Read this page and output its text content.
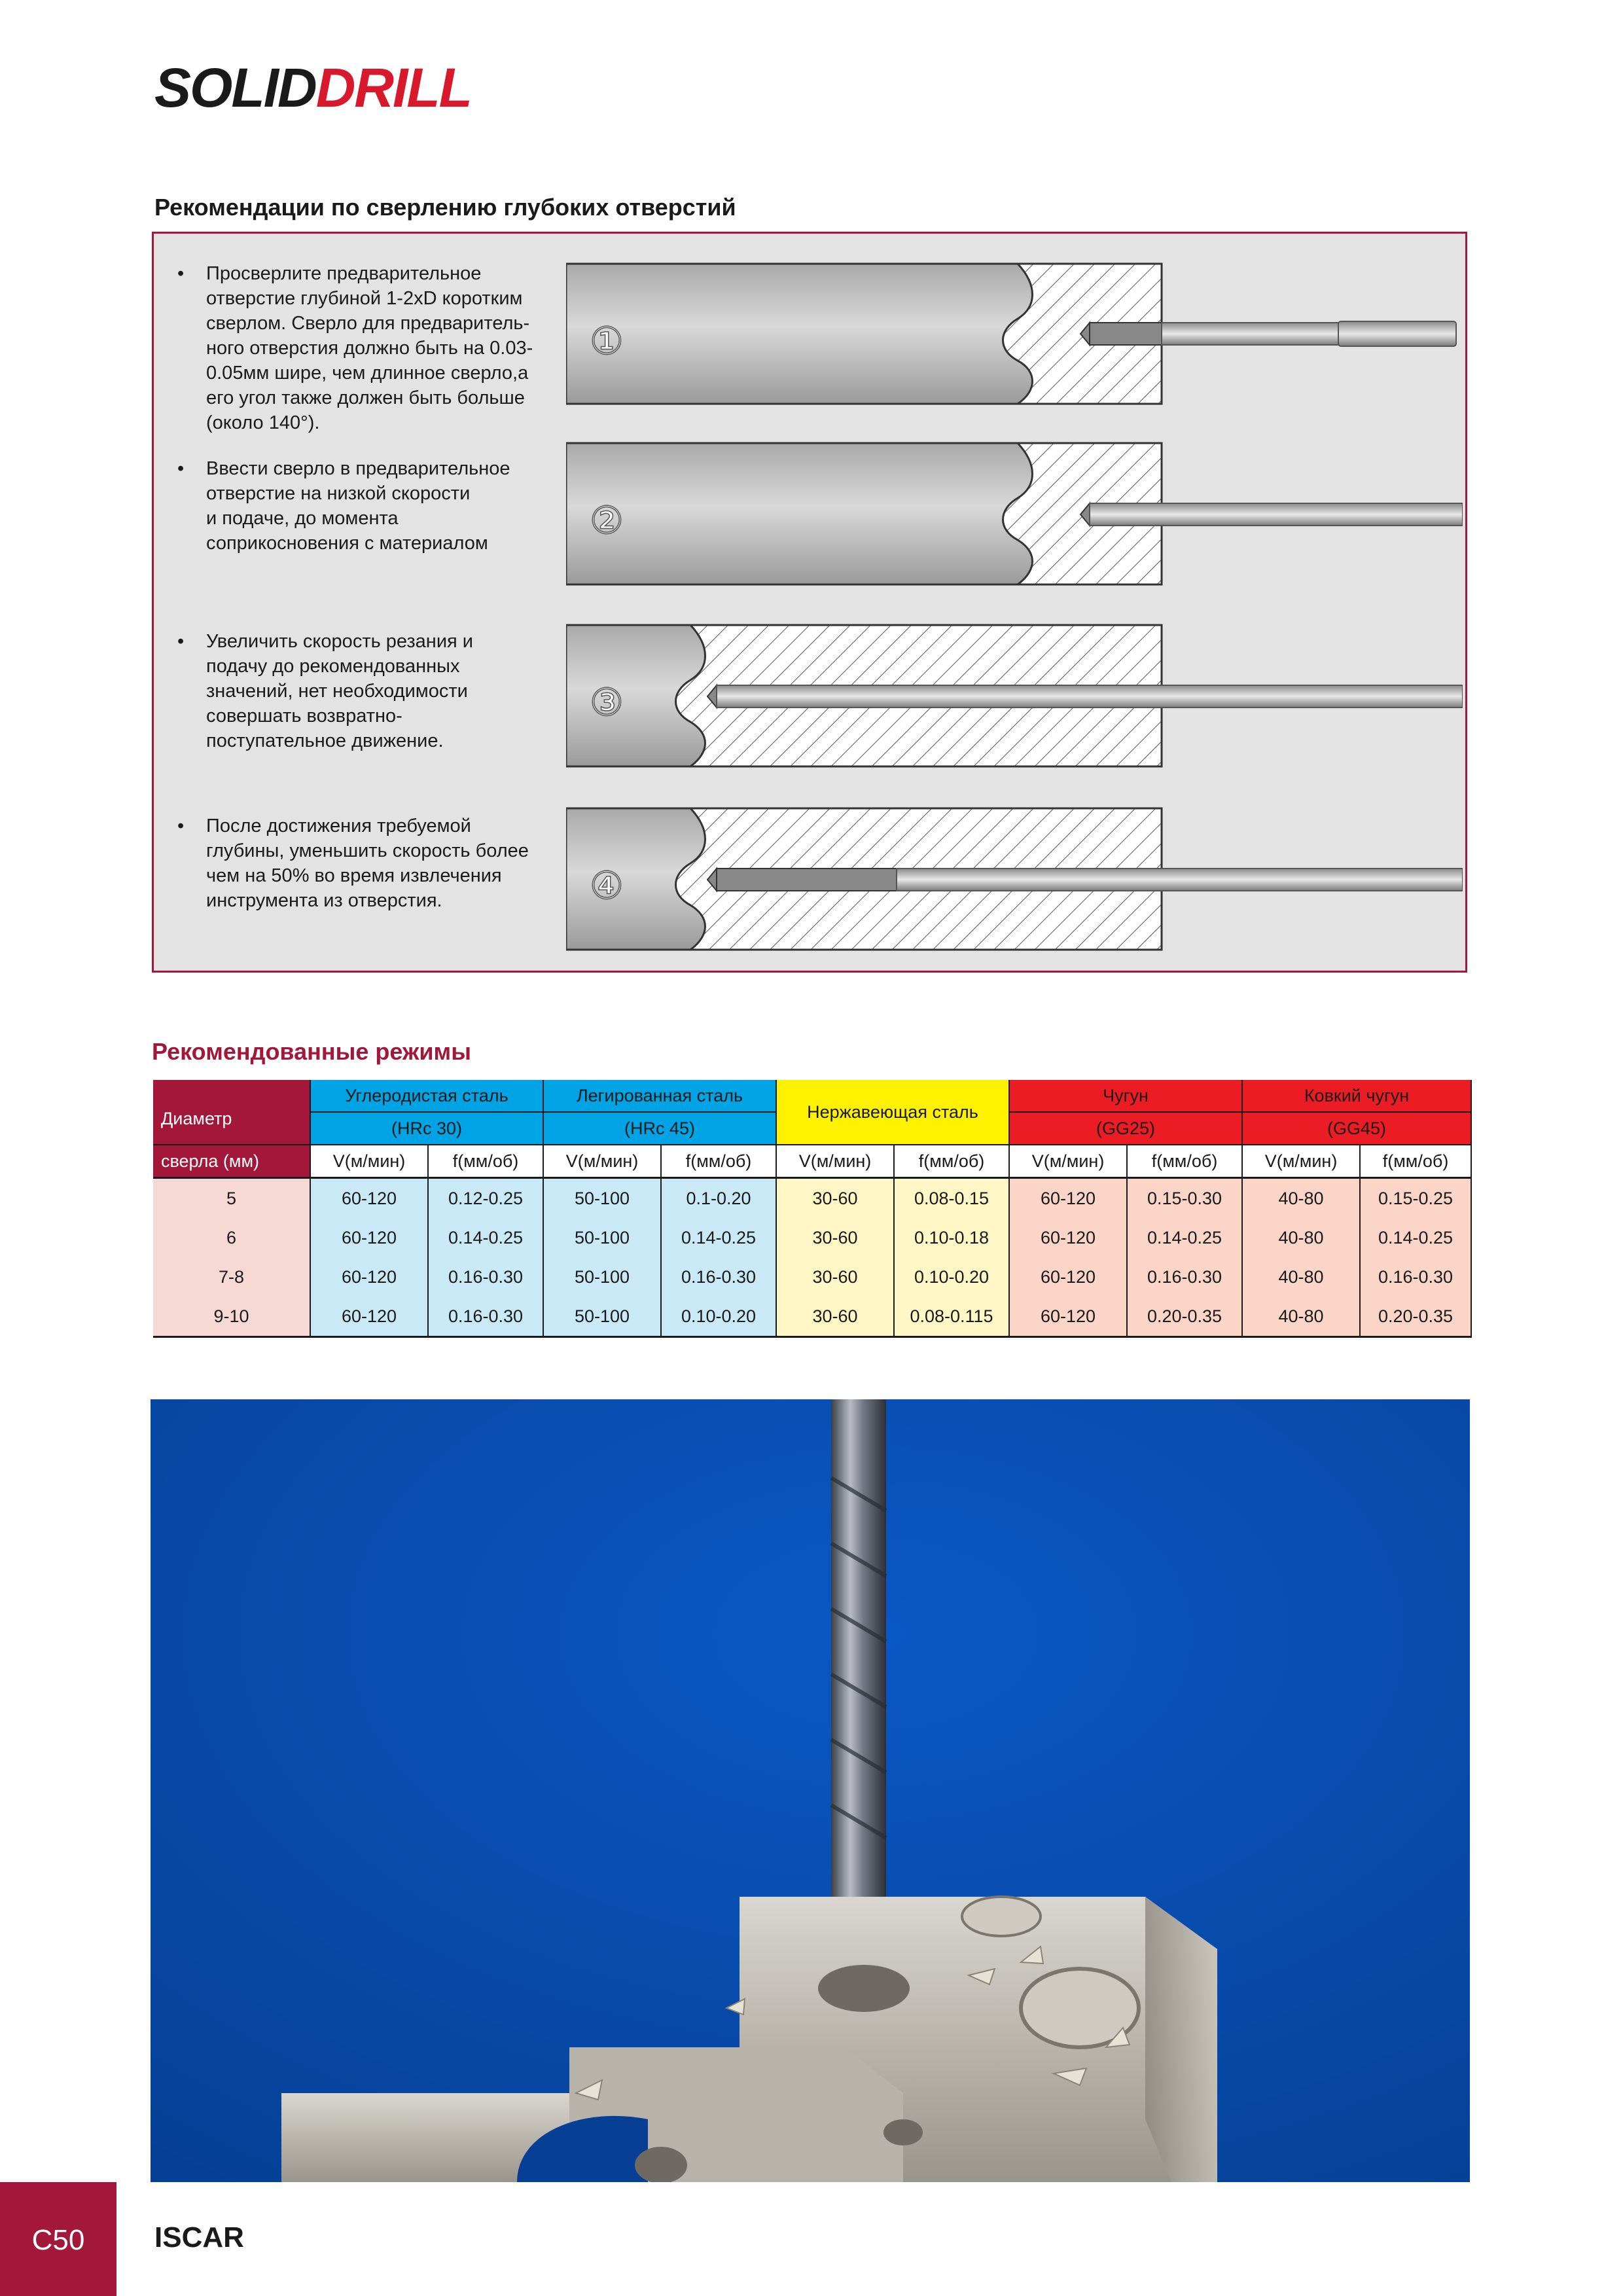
SOLIDDRILL
Рекомендации по сверлению глубоких отверстий
•	Просверлите предварительное
отверстие глубиной 1-2xD коротким
сверлом. Сверло для предваритель-
ного отверстия должно быть на 0.03-
0.05мм шире, чем длинное сверло,а
его угол также должен быть больше
(около 140°).
①
•	Ввести сверло в предварительное
отверстие на низкой скорости
и подаче, до момента
соприкосновения с материалом
②
•	Увеличить скорость резания и
подачу до рекомендованных
значений, нет необходимости
совершать возвратно-
поступательное движение.
③
•	После достижения требуемой
глубины, уменьшить скорость более
чем на 50% во время извлечения
инструмента из отверстия.	④
Рекомендованные режимы
Диаметр	Углеродистая сталь		Легированная сталь		Нержавеющая сталь		Чугун		Ковкий чугун	
	(HRc 30)		(HRc 45)				(GG25)		(GG45)	
сверла (мм)	V(м/мин)	f(мм/об)	V(м/мин)	f(мм/об)	V(м/мин)	f(мм/об)	V(м/мин)	f(мм/об)	V(м/мин)	f(мм/об)
5	60-120	0.12-0.25	50-100	0.1-0.20	30-60	0.08-0.15	60-120	0.15-0.30	40-80	0.15-0.25
6	60-120	0.14-0.25	50-100	0.14-0.25	30-60	0.10-0.18	60-120	0.14-0.25	40-80	0.14-0.25
7-8	60-120	0.16-0.30	50-100	0.16-0.30	30-60	0.10-0.20	60-120	0.16-0.30	40-80	0.16-0.30
9-10	60-120	0.16-0.30	50-100	0.10-0.20	30-60	0.08-0.115	60-120	0.20-0.35	40-80	0.20-0.35
C50	ISCAR
